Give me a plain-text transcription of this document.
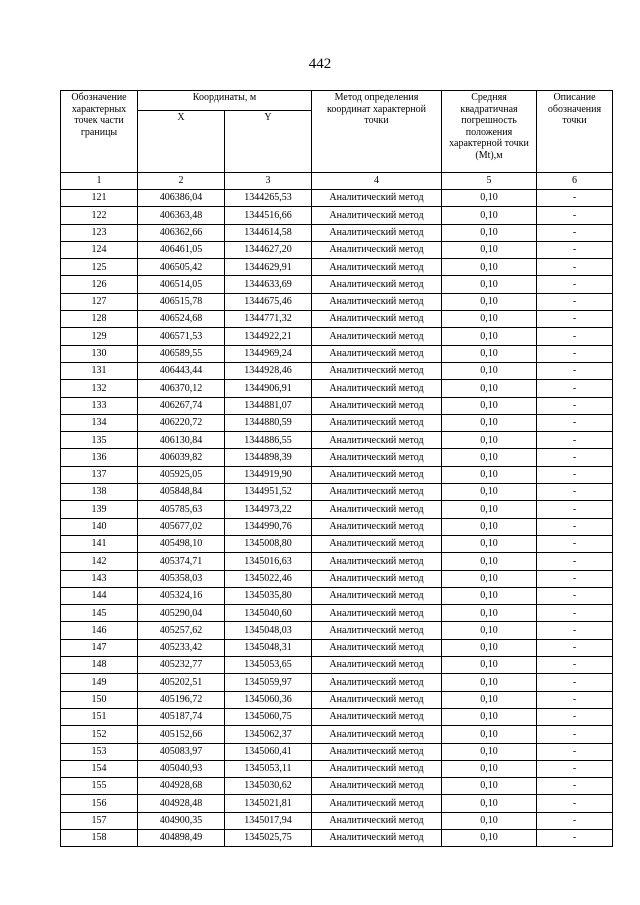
442
Обозначение характерных точек части границы	Координаты, м		Метод определения координат характерной точки	Средняя квадратичная погрешность положения характерной точки (Mt),м	Описание обозначения точки
	X	Y			
1	2	3	4	5	6
121	406386,04	1344265,53	Аналитический метод	0,10	-
122	406363,48	1344516,66	Аналитический метод	0,10	-
123	406362,66	1344614,58	Аналитический метод	0,10	-
124	406461,05	1344627,20	Аналитический метод	0,10	-
125	406505,42	1344629,91	Аналитический метод	0,10	-
126	406514,05	1344633,69	Аналитический метод	0,10	-
127	406515,78	1344675,46	Аналитический метод	0,10	-
128	406524,68	1344771,32	Аналитический метод	0,10	-
129	406571,53	1344922,21	Аналитический метод	0,10	-
130	406589,55	1344969,24	Аналитический метод	0,10	-
131	406443,44	1344928,46	Аналитический метод	0,10	-
132	406370,12	1344906,91	Аналитический метод	0,10	-
133	406267,74	1344881,07	Аналитический метод	0,10	-
134	406220,72	1344880,59	Аналитический метод	0,10	-
135	406130,84	1344886,55	Аналитический метод	0,10	-
136	406039,82	1344898,39	Аналитический метод	0,10	-
137	405925,05	1344919,90	Аналитический метод	0,10	-
138	405848,84	1344951,52	Аналитический метод	0,10	-
139	405785,63	1344973,22	Аналитический метод	0,10	-
140	405677,02	1344990,76	Аналитический метод	0,10	-
141	405498,10	1345008,80	Аналитический метод	0,10	-
142	405374,71	1345016,63	Аналитический метод	0,10	-
143	405358,03	1345022,46	Аналитический метод	0,10	-
144	405324,16	1345035,80	Аналитический метод	0,10	-
145	405290,04	1345040,60	Аналитический метод	0,10	-
146	405257,62	1345048,03	Аналитический метод	0,10	-
147	405233,42	1345048,31	Аналитический метод	0,10	-
148	405232,77	1345053,65	Аналитический метод	0,10	-
149	405202,51	1345059,97	Аналитический метод	0,10	-
150	405196,72	1345060,36	Аналитический метод	0,10	-
151	405187,74	1345060,75	Аналитический метод	0,10	-
152	405152,66	1345062,37	Аналитический метод	0,10	-
153	405083,97	1345060,41	Аналитический метод	0,10	-
154	405040,93	1345053,11	Аналитический метод	0,10	-
155	404928,68	1345030,62	Аналитический метод	0,10	-
156	404928,48	1345021,81	Аналитический метод	0,10	-
157	404900,35	1345017,94	Аналитический метод	0,10	-
158	404898,49	1345025,75	Аналитический метод	0,10	-
